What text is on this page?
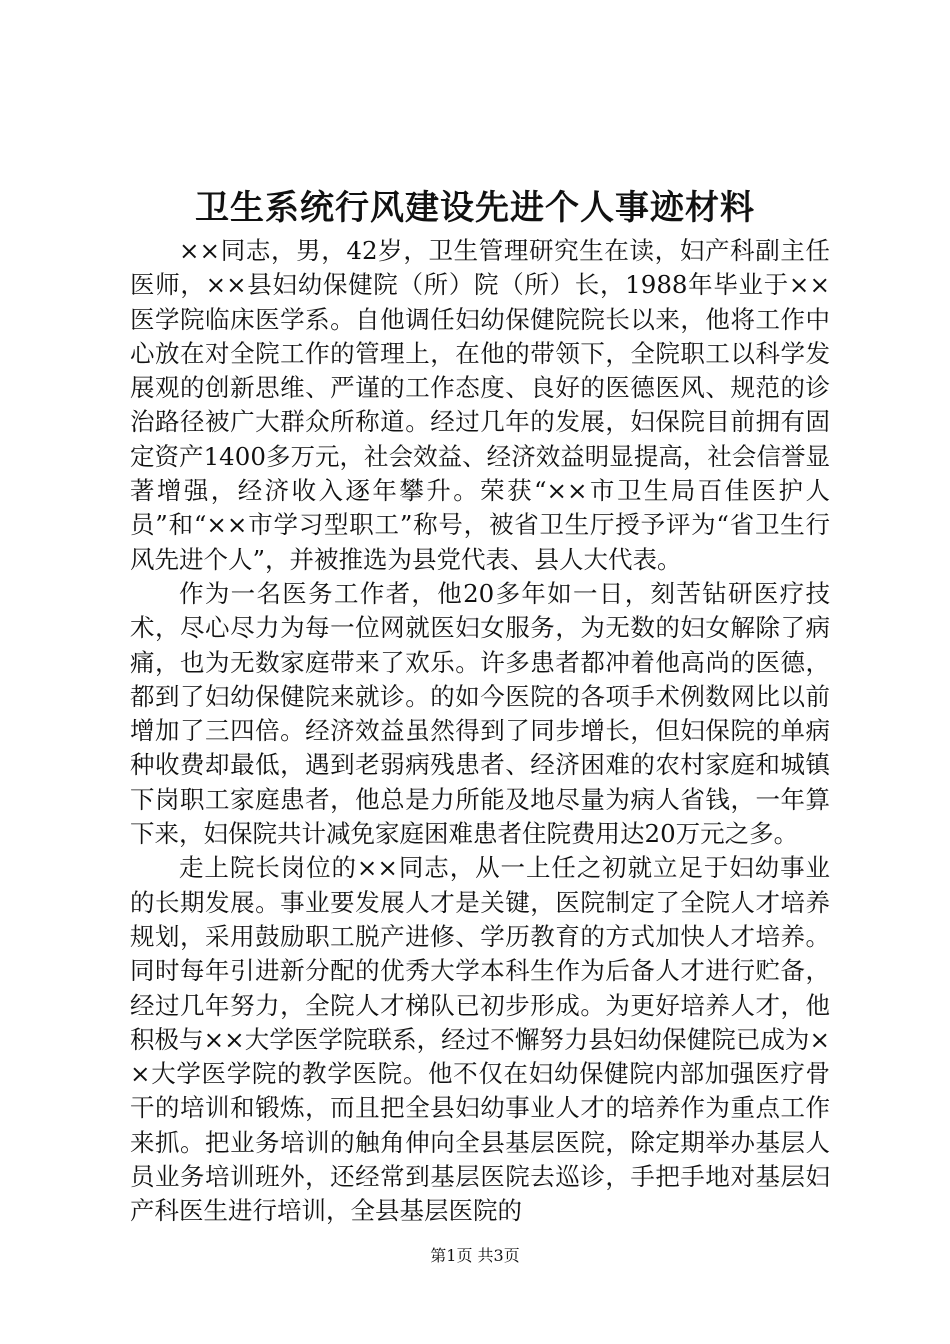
卫生系统行风建设先进个人事迹材料

××同志，男，42岁，卫生管理研究生在读，妇产科副主任医师，××县妇幼保健院（所）院（所）长，1988年毕业于××医学院临床医学系。自他调任妇幼保健院院长以来，他将工作中心放在对全院工作的管理上，在他的带领下，全院职工以科学发展观的创新思维、严谨的工作态度、良好的医德医风、规范的诊治路径被广大群众所称道。经过几年的发展，妇保院目前拥有固定资产1400多万元，社会效益、经济效益明显提高，社会信誉显著增强，经济收入逐年攀升。荣获“××市卫生局百佳医护人员”和“××市学习型职工”称号，被省卫生厅授予评为“省卫生行风先进个人”，并被推选为县党代表、县人大代表。

作为一名医务工作者，他20多年如一日，刻苦钻研医疗技术，尽心尽力为每一位网就医妇女服务，为无数的妇女解除了病痛，也为无数家庭带来了欢乐。许多患者都冲着他高尚的医德，都到了妇幼保健院来就诊。的如今医院的各项手术例数网比以前增加了三四倍。经济效益虽然得到了同步增长，但妇保院的单病种收费却最低，遇到老弱病残患者、经济困难的农村家庭和城镇下岗职工家庭患者，他总是力所能及地尽量为病人省钱，一年算下来，妇保院共计减免家庭困难患者住院费用达20万元之多。

走上院长岗位的××同志，从一上任之初就立足于妇幼事业的长期发展。事业要发展人才是关键，医院制定了全院人才培养规划，采用鼓励职工脱产进修、学历教育的方式加快人才培养。同时每年引进新分配的优秀大学本科生作为后备人才进行贮备，经过几年努力，全院人才梯队已初步形成。为更好培养人才，他积极与××大学医学院联系，经过不懈努力县妇幼保健院已成为××大学医学院的教学医院。他不仅在妇幼保健院内部加强医疗骨干的培训和锻炼，而且把全县妇幼事业人才的培养作为重点工作来抓。把业务培训的触角伸向全县基层医院，除定期举办基层人员业务培训班外，还经常到基层医院去巡诊，手把手地对基层妇产科医生进行培训，全县基层医院的

第1页 共3页
